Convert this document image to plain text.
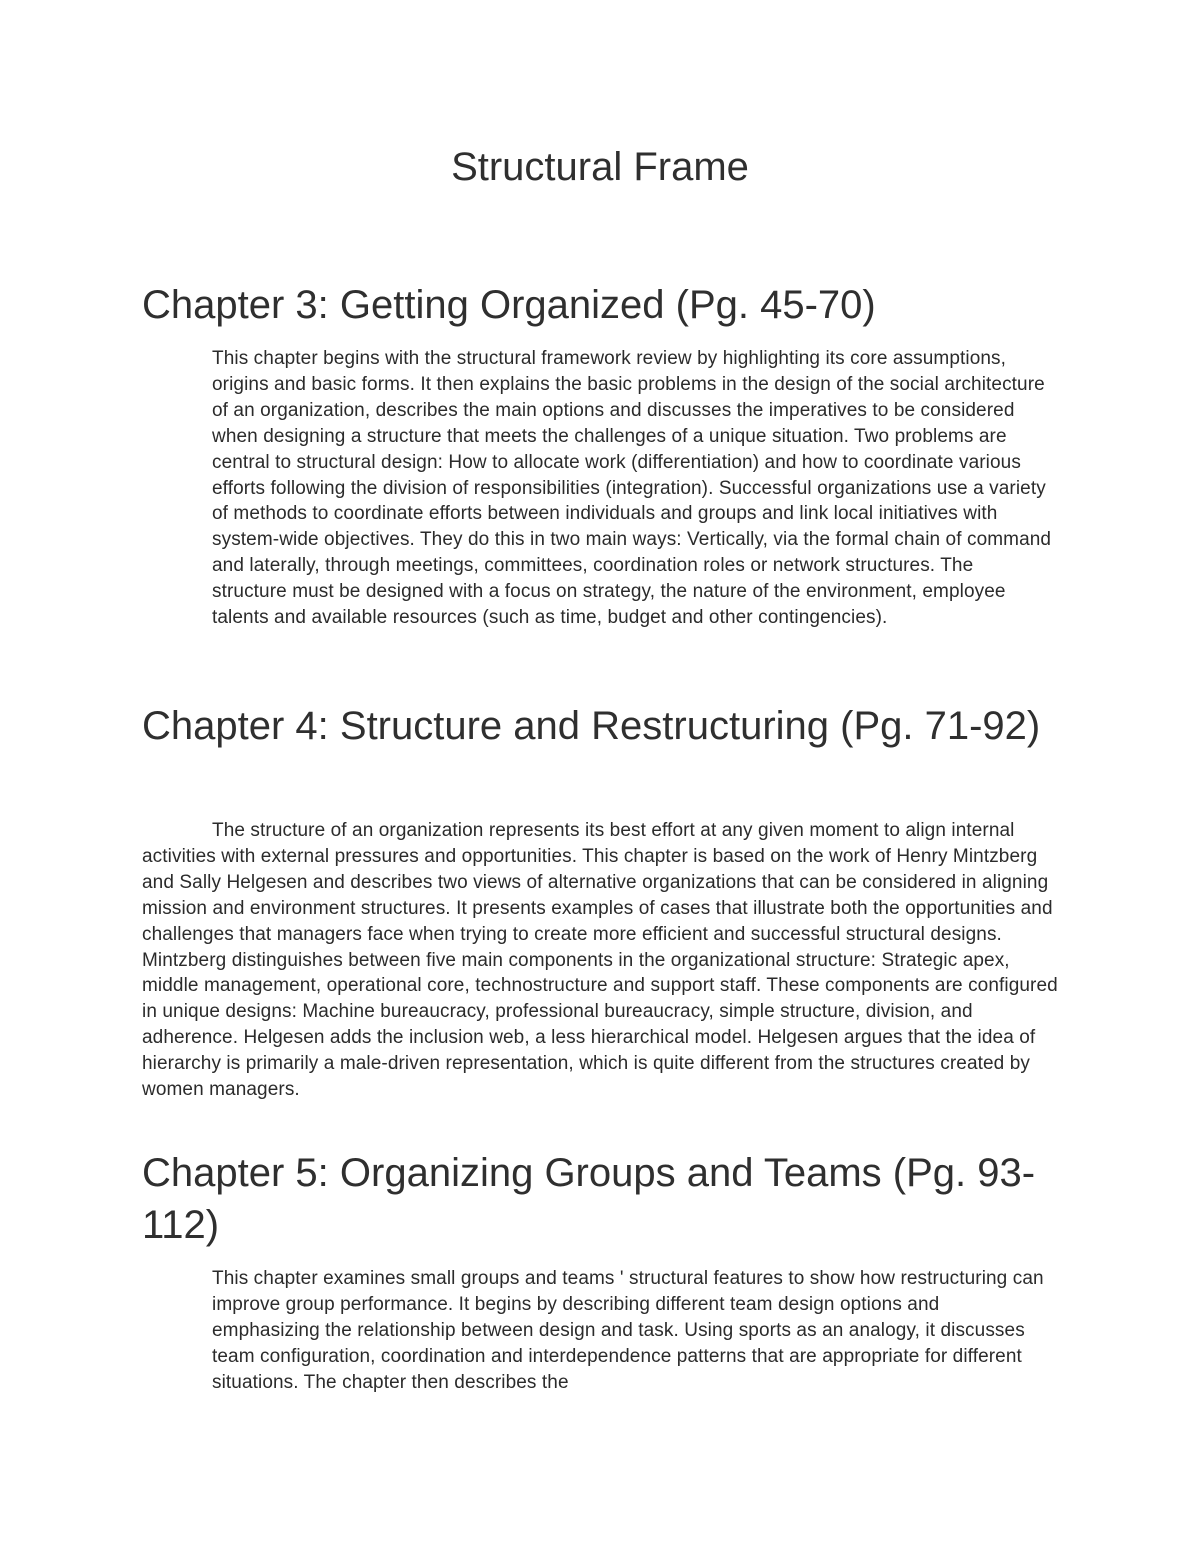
Structural Frame
Chapter 3: Getting Organized (Pg. 45-70)

This chapter begins with the structural framework review by highlighting its core assumptions, origins and basic forms. It then explains the basic problems in the design of the social architecture of an organization, describes the main options and discusses the imperatives to be considered when designing a structure that meets the challenges of a unique situation. Two problems are central to structural design: How to allocate work (differentiation) and how to coordinate various efforts following the division of responsibilities (integration). Successful organizations use a variety of methods to coordinate efforts between individuals and groups and link local initiatives with system-wide objectives. They do this in two main ways: Vertically, via the formal chain of command and laterally, through meetings, committees, coordination roles or network structures. The structure must be designed with a focus on strategy, the nature of the environment, employee talents and available resources (such as time, budget and other contingencies).

Chapter 4: Structure and Restructuring (Pg. 71-92)

The structure of an organization represents its best effort at any given moment to align internal activities with external pressures and opportunities. This chapter is based on the work of Henry Mintzberg and Sally Helgesen and describes two views of alternative organizations that can be considered in aligning mission and environment structures. It presents examples of cases that illustrate both the opportunities and challenges that managers face when trying to create more efficient and successful structural designs. Mintzberg distinguishes between five main components in the organizational structure: Strategic apex, middle management, operational core, technostructure and support staff. These components are configured in unique designs: Machine bureaucracy, professional bureaucracy, simple structure, division, and adherence. Helgesen adds the inclusion web, a less hierarchical model. Helgesen argues that the idea of hierarchy is primarily a male-driven representation, which is quite different from the structures created by women managers.

Chapter 5: Organizing Groups and Teams (Pg. 93-112)

This chapter examines small groups and teams ' structural features to show how restructuring can improve group performance. It begins by describing different team design options and emphasizing the relationship between design and task. Using sports as an analogy, it discusses team configuration, coordination and interdependence patterns that are appropriate for different situations. The chapter then describes the
